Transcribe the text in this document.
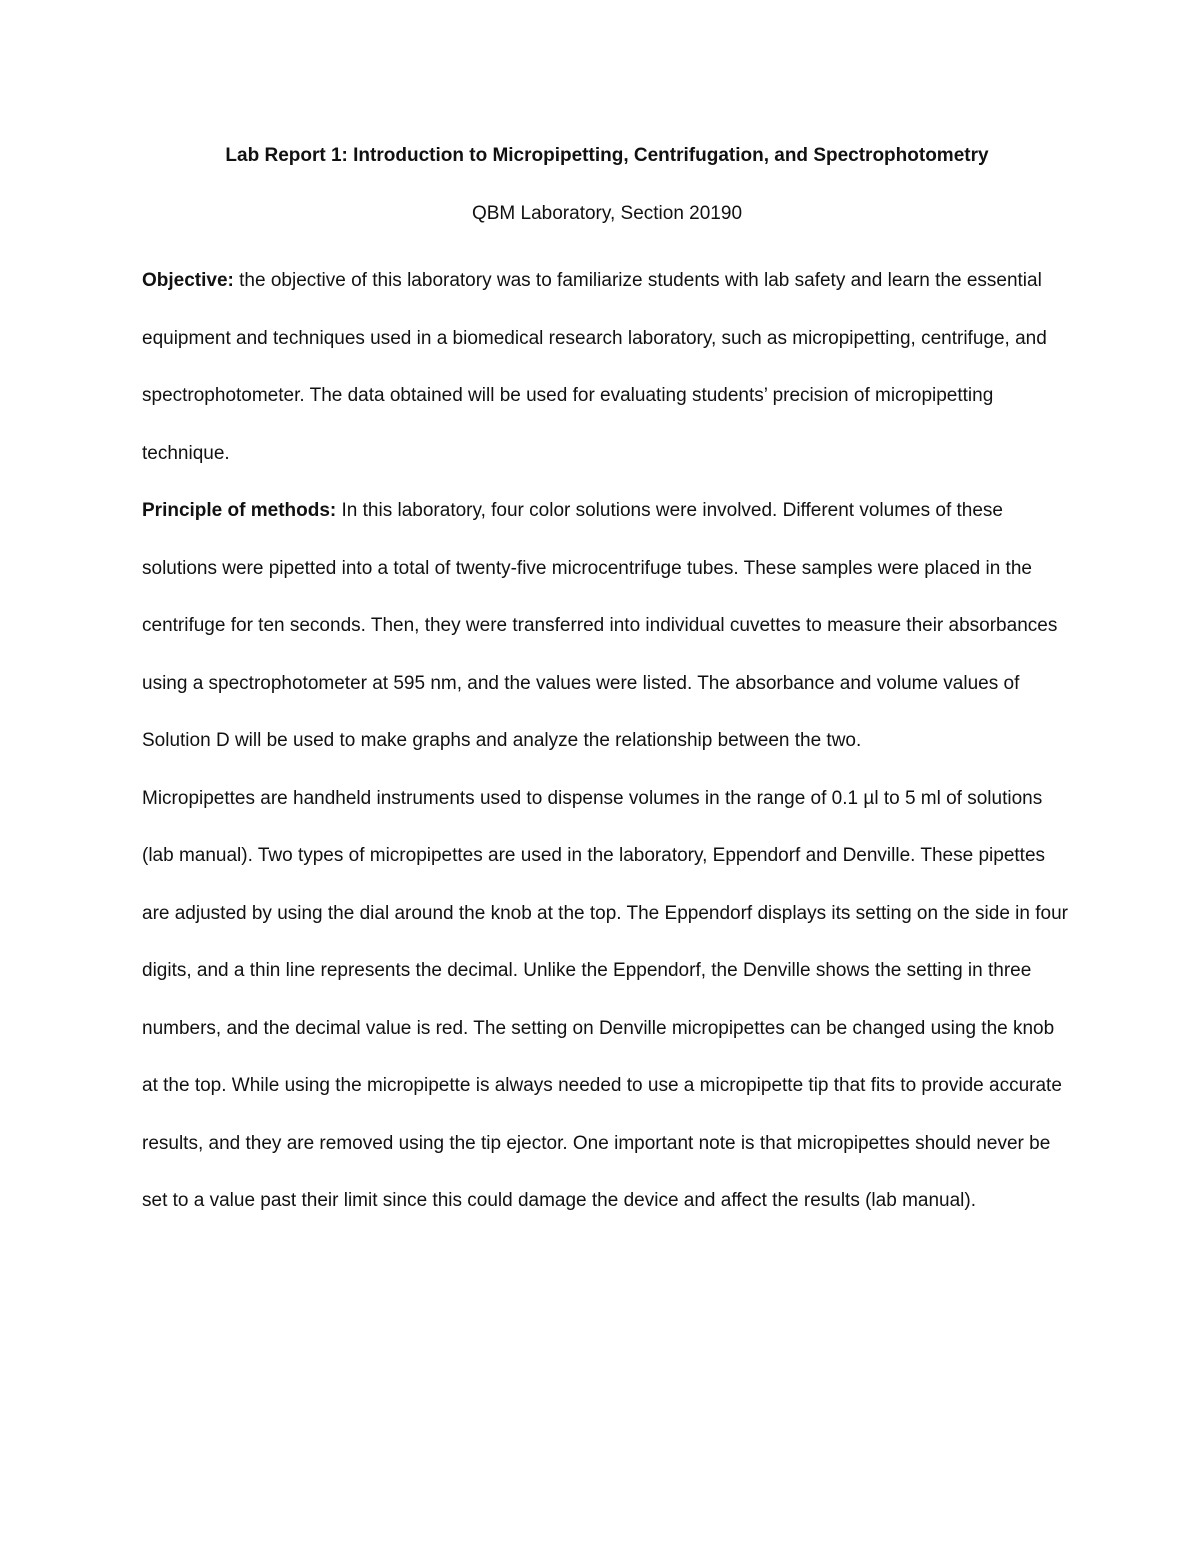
Lab Report 1: Introduction to Micropipetting, Centrifugation, and Spectrophotometry
QBM Laboratory, Section 20190

Objective: the objective of this laboratory was to familiarize students with lab safety and learn the essential equipment and techniques used in a biomedical research laboratory, such as micropipetting, centrifuge, and spectrophotometer. The data obtained will be used for evaluating students’ precision of micropipetting technique.

Principle of methods: In this laboratory, four color solutions were involved. Different volumes of these solutions were pipetted into a total of twenty-five microcentrifuge tubes. These samples were placed in the centrifuge for ten seconds. Then, they were transferred into individual cuvettes to measure their absorbances using a spectrophotometer at 595 nm, and the values were listed. The absorbance and volume values of Solution D will be used to make graphs and analyze the relationship between the two.

Micropipettes are handheld instruments used to dispense volumes in the range of 0.1 µl to 5 ml of solutions (lab manual). Two types of micropipettes are used in the laboratory, Eppendorf and Denville. These pipettes are adjusted by using the dial around the knob at the top. The Eppendorf displays its setting on the side in four digits, and a thin line represents the decimal. Unlike the Eppendorf, the Denville shows the setting in three numbers, and the decimal value is red. The setting on Denville micropipettes can be changed using the knob at the top. While using the micropipette is always needed to use a micropipette tip that fits to provide accurate results, and they are removed using the tip ejector. One important note is that micropipettes should never be set to a value past their limit since this could damage the device and affect the results (lab manual).
